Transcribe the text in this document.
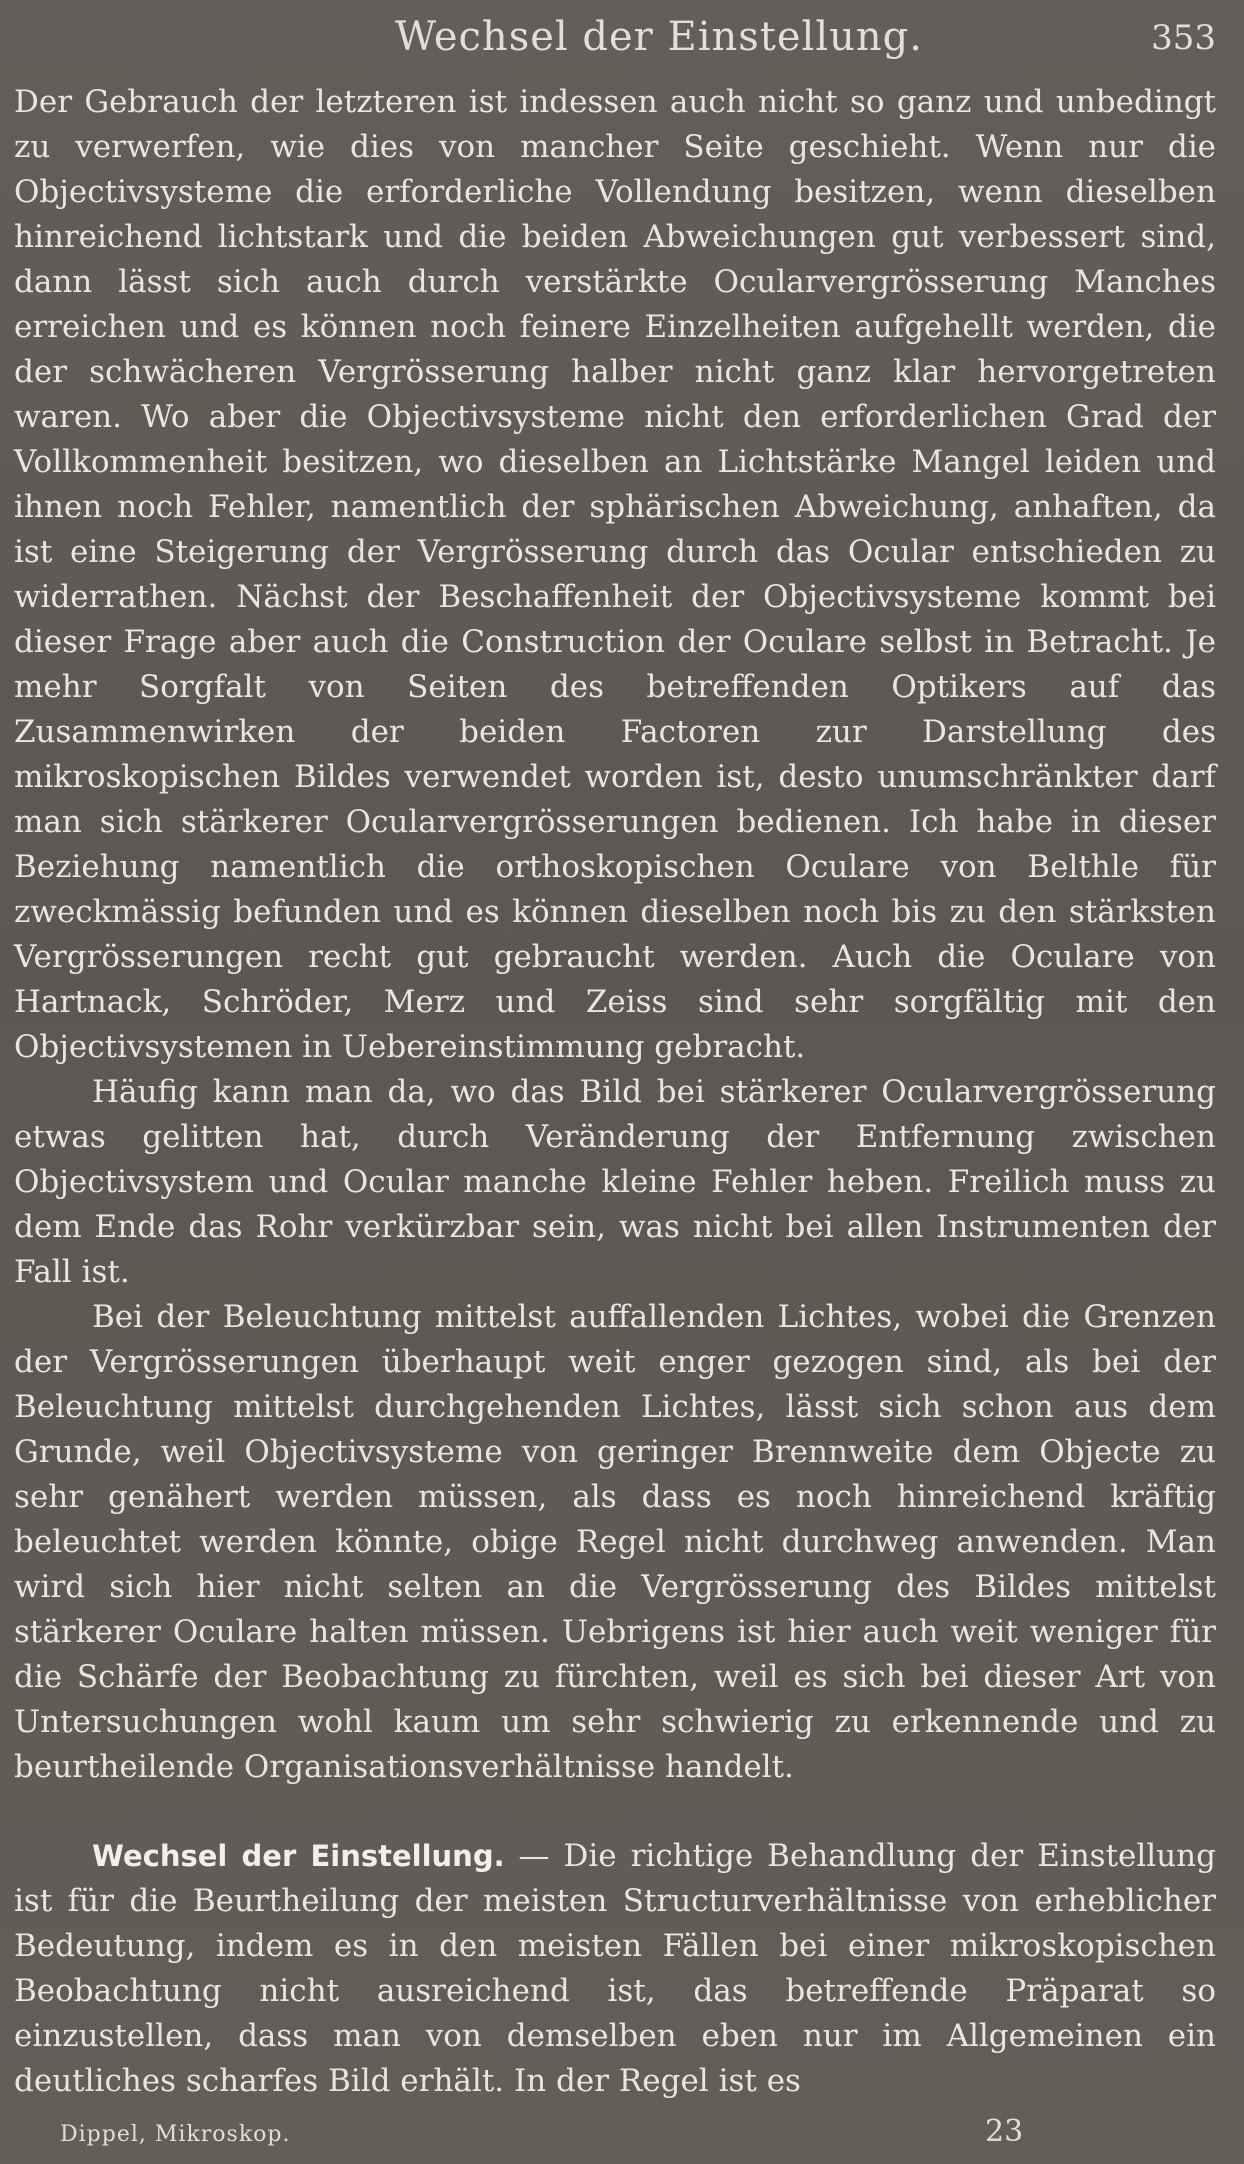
Wechsel der Einstellung.	353

Der Gebrauch der letzteren ist indessen auch nicht so ganz und unbedingt zu verwerfen, wie dies von mancher Seite geschieht. Wenn nur die Objectivsysteme die erforderliche Vollendung besitzen, wenn dieselben hinreichend lichtstark und die beiden Abweichungen gut verbessert sind, dann lässt sich auch durch verstärkte Ocularvergrösserung Manches erreichen und es können noch feinere Einzelheiten aufgehellt werden, die der schwächeren Vergrösserung halber nicht ganz klar hervorgetreten waren. Wo aber die Objectivsysteme nicht den erforderlichen Grad der Vollkommenheit besitzen, wo dieselben an Lichtstärke Mangel leiden und ihnen noch Fehler, namentlich der sphärischen Abweichung, anhaften, da ist eine Steigerung der Vergrösserung durch das Ocular entschieden zu widerrathen. Nächst der Beschaffenheit der Objectivsysteme kommt bei dieser Frage aber auch die Construction der Oculare selbst in Betracht. Je mehr Sorgfalt von Seiten des betreffenden Optikers auf das Zusammenwirken der beiden Factoren zur Darstellung des mikroskopischen Bildes verwendet worden ist, desto unumschränkter darf man sich stärkerer Ocularvergrösserungen bedienen. Ich habe in dieser Beziehung namentlich die orthoskopischen Oculare von Belthle für zweckmässig befunden und es können dieselben noch bis zu den stärksten Vergrösserungen recht gut gebraucht werden. Auch die Oculare von Hartnack, Schröder, Merz und Zeiss sind sehr sorgfältig mit den Objectivsystemen in Uebereinstimmung gebracht.

Häufig kann man da, wo das Bild bei stärkerer Ocularvergrösserung etwas gelitten hat, durch Veränderung der Entfernung zwischen Objectivsystem und Ocular manche kleine Fehler heben. Freilich muss zu dem Ende das Rohr verkürzbar sein, was nicht bei allen Instrumenten der Fall ist.

Bei der Beleuchtung mittelst auffallenden Lichtes, wobei die Grenzen der Vergrösserungen überhaupt weit enger gezogen sind, als bei der Beleuchtung mittelst durchgehenden Lichtes, lässt sich schon aus dem Grunde, weil Objectivsysteme von geringer Brennweite dem Objecte zu sehr genähert werden müssen, als dass es noch hinreichend kräftig beleuchtet werden könnte, obige Regel nicht durchweg anwenden. Man wird sich hier nicht selten an die Vergrösserung des Bildes mittelst stärkerer Oculare halten müssen. Uebrigens ist hier auch weit weniger für die Schärfe der Beobachtung zu fürchten, weil es sich bei dieser Art von Untersuchungen wohl kaum um sehr schwierig zu erkennende und zu beurtheilende Organisationsverhältnisse handelt.

Wechsel der Einstellung. — Die richtige Behandlung der Einstellung ist für die Beurtheilung der meisten Structurverhältnisse von erheblicher Bedeutung, indem es in den meisten Fällen bei einer mikroskopischen Beobachtung nicht ausreichend ist, das betreffende Präparat so einzustellen, dass man von demselben eben nur im Allgemeinen ein deutliches scharfes Bild erhält. In der Regel ist es

Dippel, Mikroskop.	23
